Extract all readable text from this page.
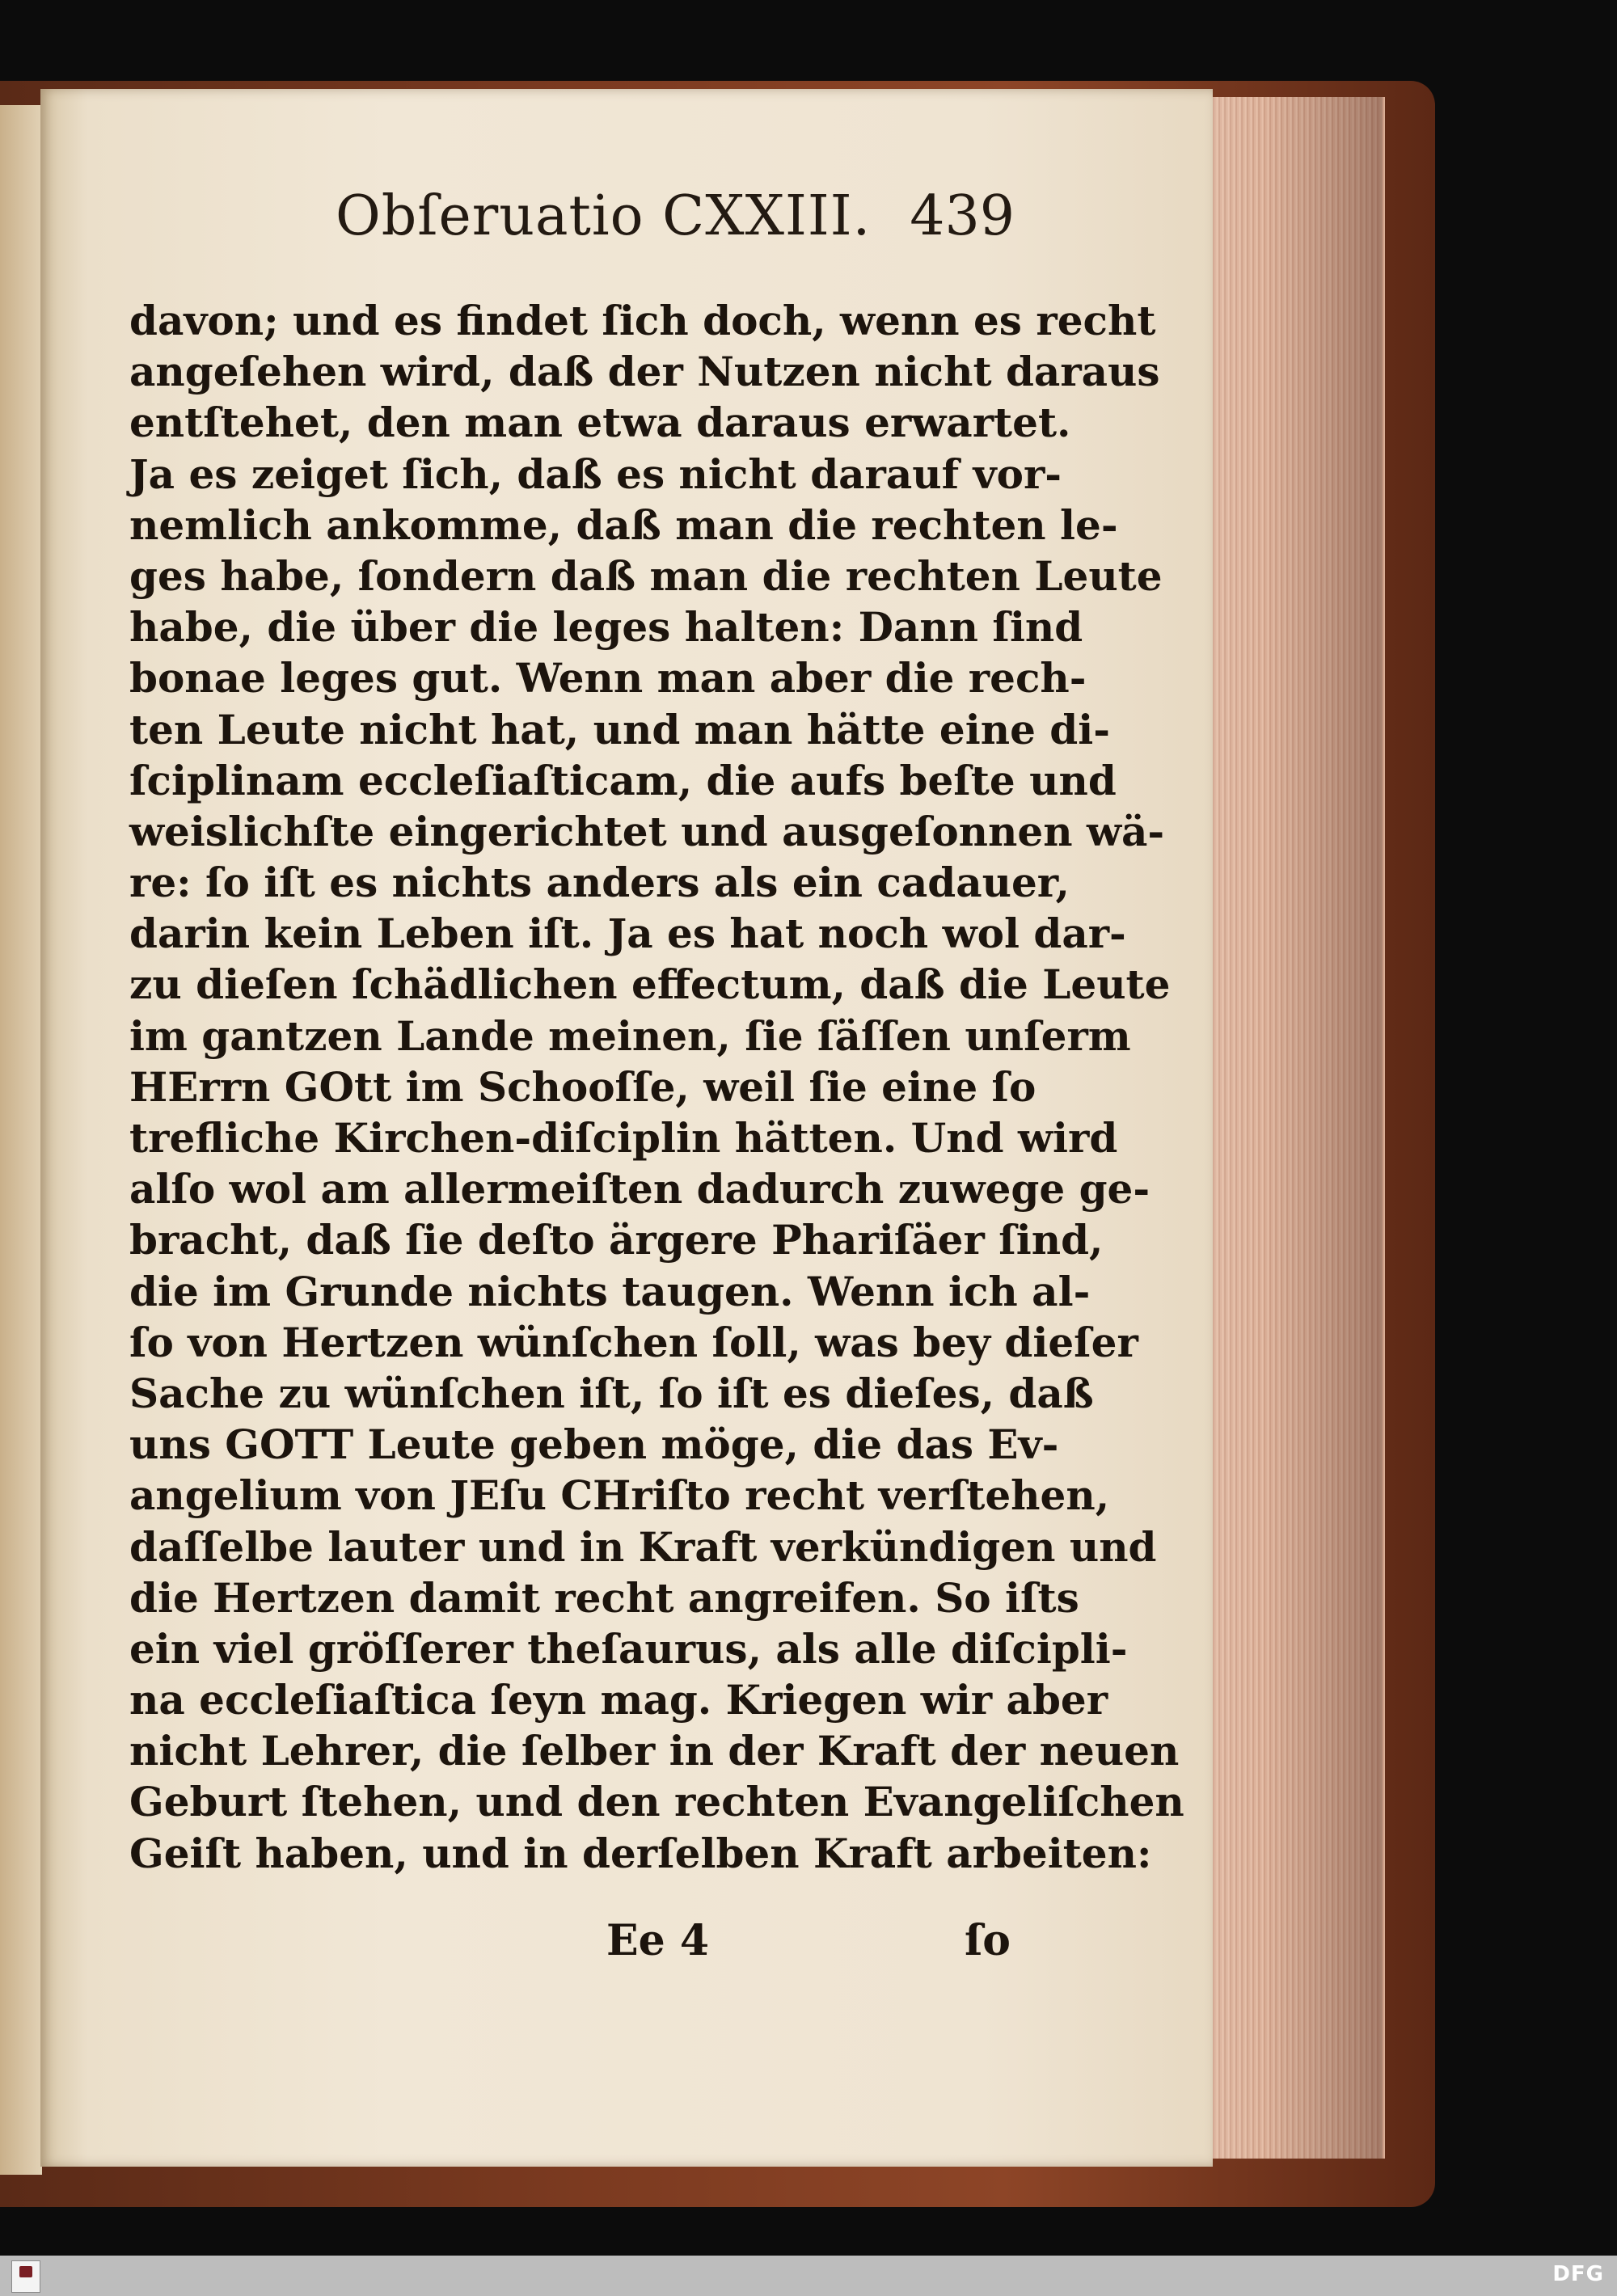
Obſeruatio CXXIII. 439
davon; und es findet ſich doch, wenn es recht
angeſehen wird, daß der Nutzen nicht daraus
entſtehet, den man etwa daraus erwartet.
Ja es zeiget ſich, daß es nicht darauf vor-
nemlich ankomme, daß man die rechten le-
ges habe, ſondern daß man die rechten Leute
habe, die über die leges halten: Dann ſind
bonae leges gut. Wenn man aber die rech-
ten Leute nicht hat, und man hätte eine di-
ſciplinam eccleſiaſticam, die aufs beſte und
weislichſte eingerichtet und ausgeſonnen wä-
re: ſo iſt es nichts anders als ein cadauer,
darin kein Leben iſt. Ja es hat noch wol dar-
zu dieſen ſchädlichen effectum, daß die Leute
im gantzen Lande meinen, ſie ſäſſen unſerm
HErrn GOtt im Schooſſe, weil ſie eine ſo
trefliche Kirchen-diſciplin hätten. Und wird
alſo wol am allermeiſten dadurch zuwege ge-
bracht, daß ſie deſto ärgere Phariſäer ſind,
die im Grunde nichts taugen. Wenn ich al-
ſo von Hertzen wünſchen ſoll, was bey dieſer
Sache zu wünſchen iſt, ſo iſt es dieſes, daß
uns GOTT Leute geben möge, die das Ev-
angelium von JEſu CHriſto recht verſtehen,
daſſelbe lauter und in Kraft verkündigen und
die Hertzen damit recht angreifen. So iſts
ein viel gröſſerer theſaurus, als alle diſcipli-
na eccleſiaſtica ſeyn mag. Kriegen wir aber
nicht Lehrer, die ſelber in der Kraft der neuen
Geburt ſtehen, und den rechten Evangeliſchen
Geiſt haben, und in derſelben Kraft arbeiten:
Ee 4	ſo
DFG
